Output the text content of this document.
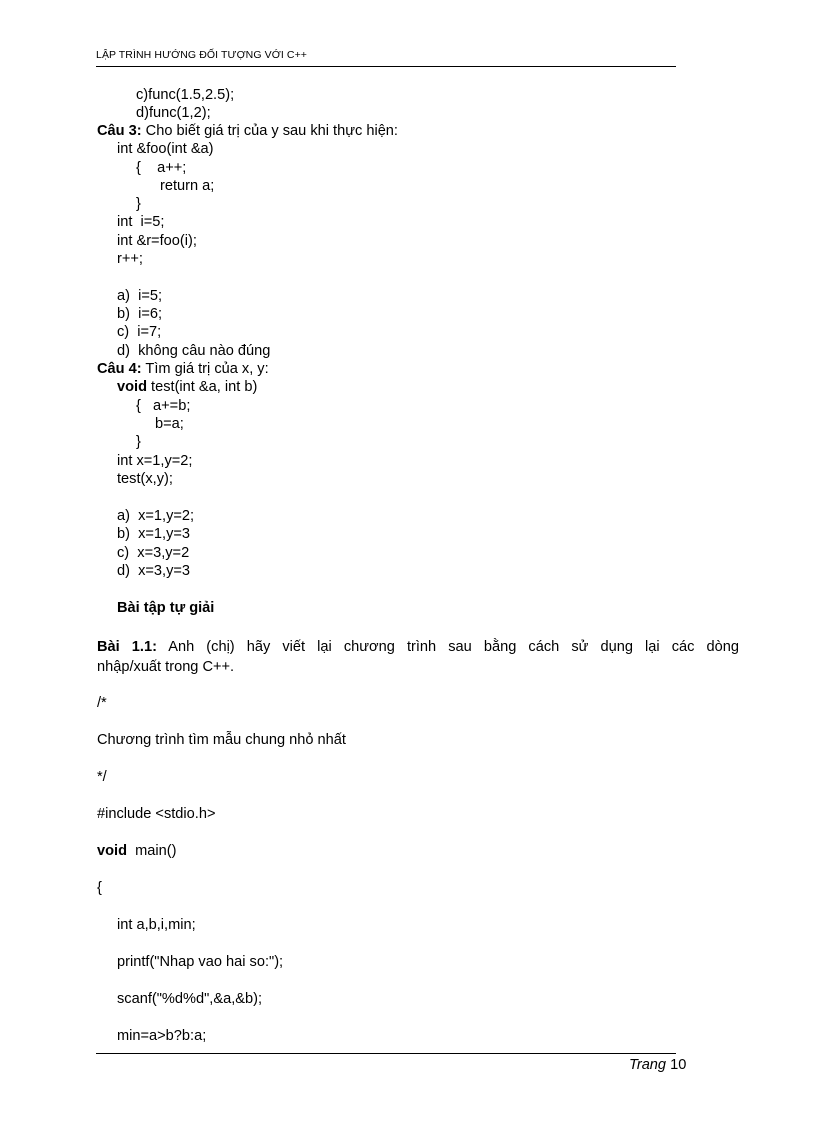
LẬP TRÌNH HƯỚNG ĐỐI TƯỢNG VỚI C++
c)func(1.5,2.5);
d)func(1,2);
Câu 3: Cho biết giá trị của y sau khi thực hiện:
int &foo(int &a)
{    a++;
return a;
}
int  i=5;
int &r=foo(i);
r++;
a)  i=5;
b)  i=6;
c)  i=7;
d)  không câu nào đúng
Câu 4: Tìm giá trị của x, y:
void test(int &a, int b)
{   a+=b;
b=a;
}
int x=1,y=2;
test(x,y);
a)  x=1,y=2;
b)  x=1,y=3
c)  x=3,y=2
d)  x=3,y=3
Bài tập tự giải
Bài 1.1: Anh (chị) hãy viết lại chương trình sau bằng cách sử dụng lại các dòng
nhập/xuất trong C++.
/*
Chương trình tìm mẫu chung nhỏ nhất
*/
#include <stdio.h>
void  main()
{
int a,b,i,min;
printf("Nhap vao hai so:");
scanf("%d%d",&a,&b);
min=a>b?b:a;
Trang 10
